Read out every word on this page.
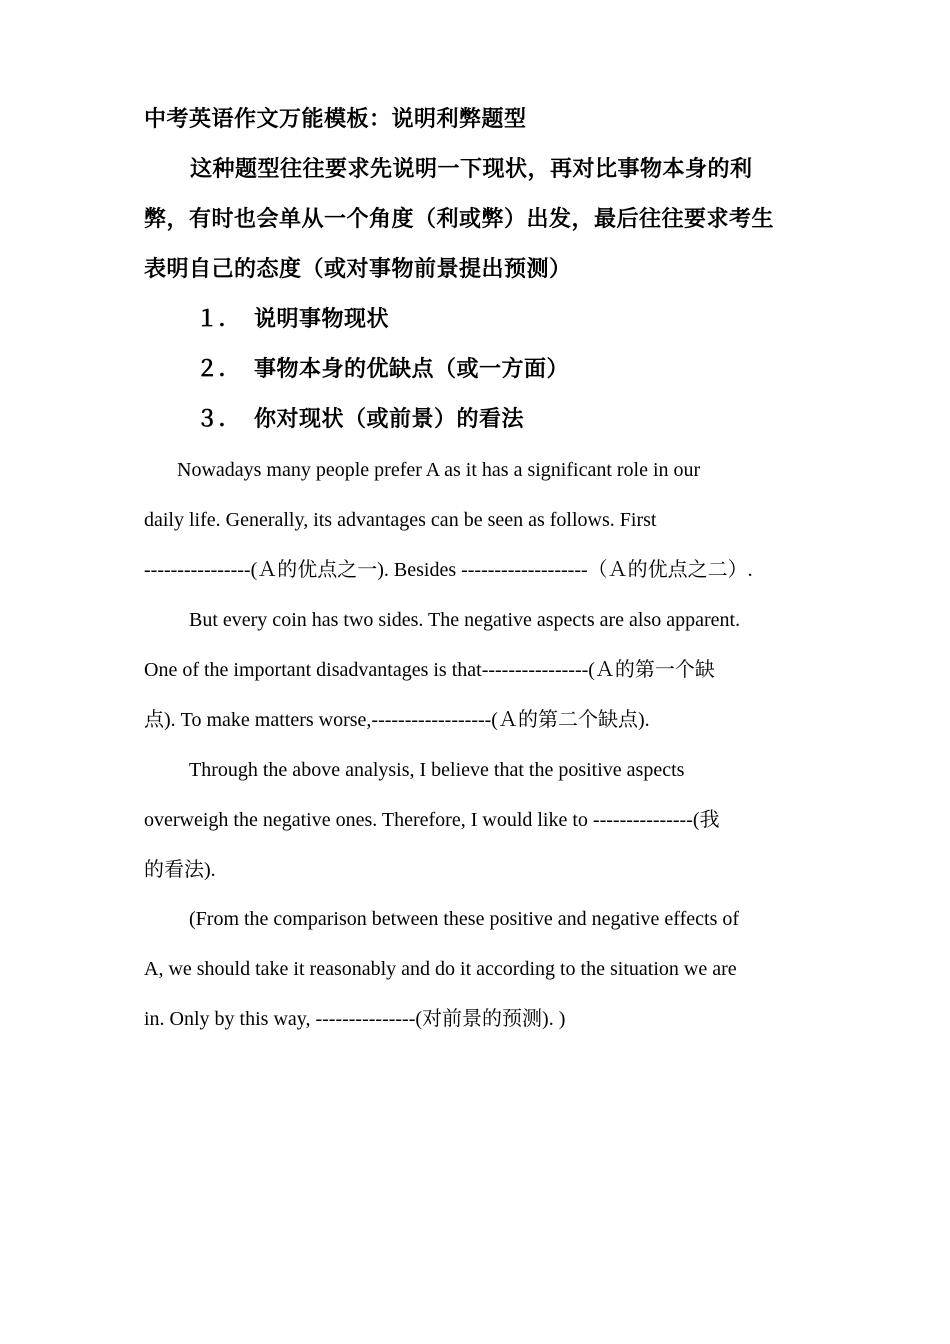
中考英语作文万能模板：说明利弊题型
这种题型往往要求先说明一下现状，再对比事物本身的利
弊，有时也会单从一个角度（利或弊）出发，最后往往要求考生
表明自己的态度（或对事物前景提出预测）
１． 说明事物现状
２． 事物本身的优缺点（或一方面）
３． 你对现状（或前景）的看法
Nowadays many people prefer A as it has a significant role in our
daily life. Generally, its advantages can be seen as follows. First
----------------(Ａ的优点之一). Besides -------------------（Ａ的优点之二）.
But every coin has two sides. The negative aspects are also apparent.
One of the important disadvantages is that----------------(Ａ的第一个缺
点). To make matters worse,------------------(Ａ的第二个缺点).
Through the above analysis, I believe that the positive aspects
overweigh the negative ones. Therefore, I would like to ---------------(我
的看法).
(From the comparison between these positive and negative effects of
A, we should take it reasonably and do it according to the situation we are
in. Only by this way, ---------------(对前景的预测). )
